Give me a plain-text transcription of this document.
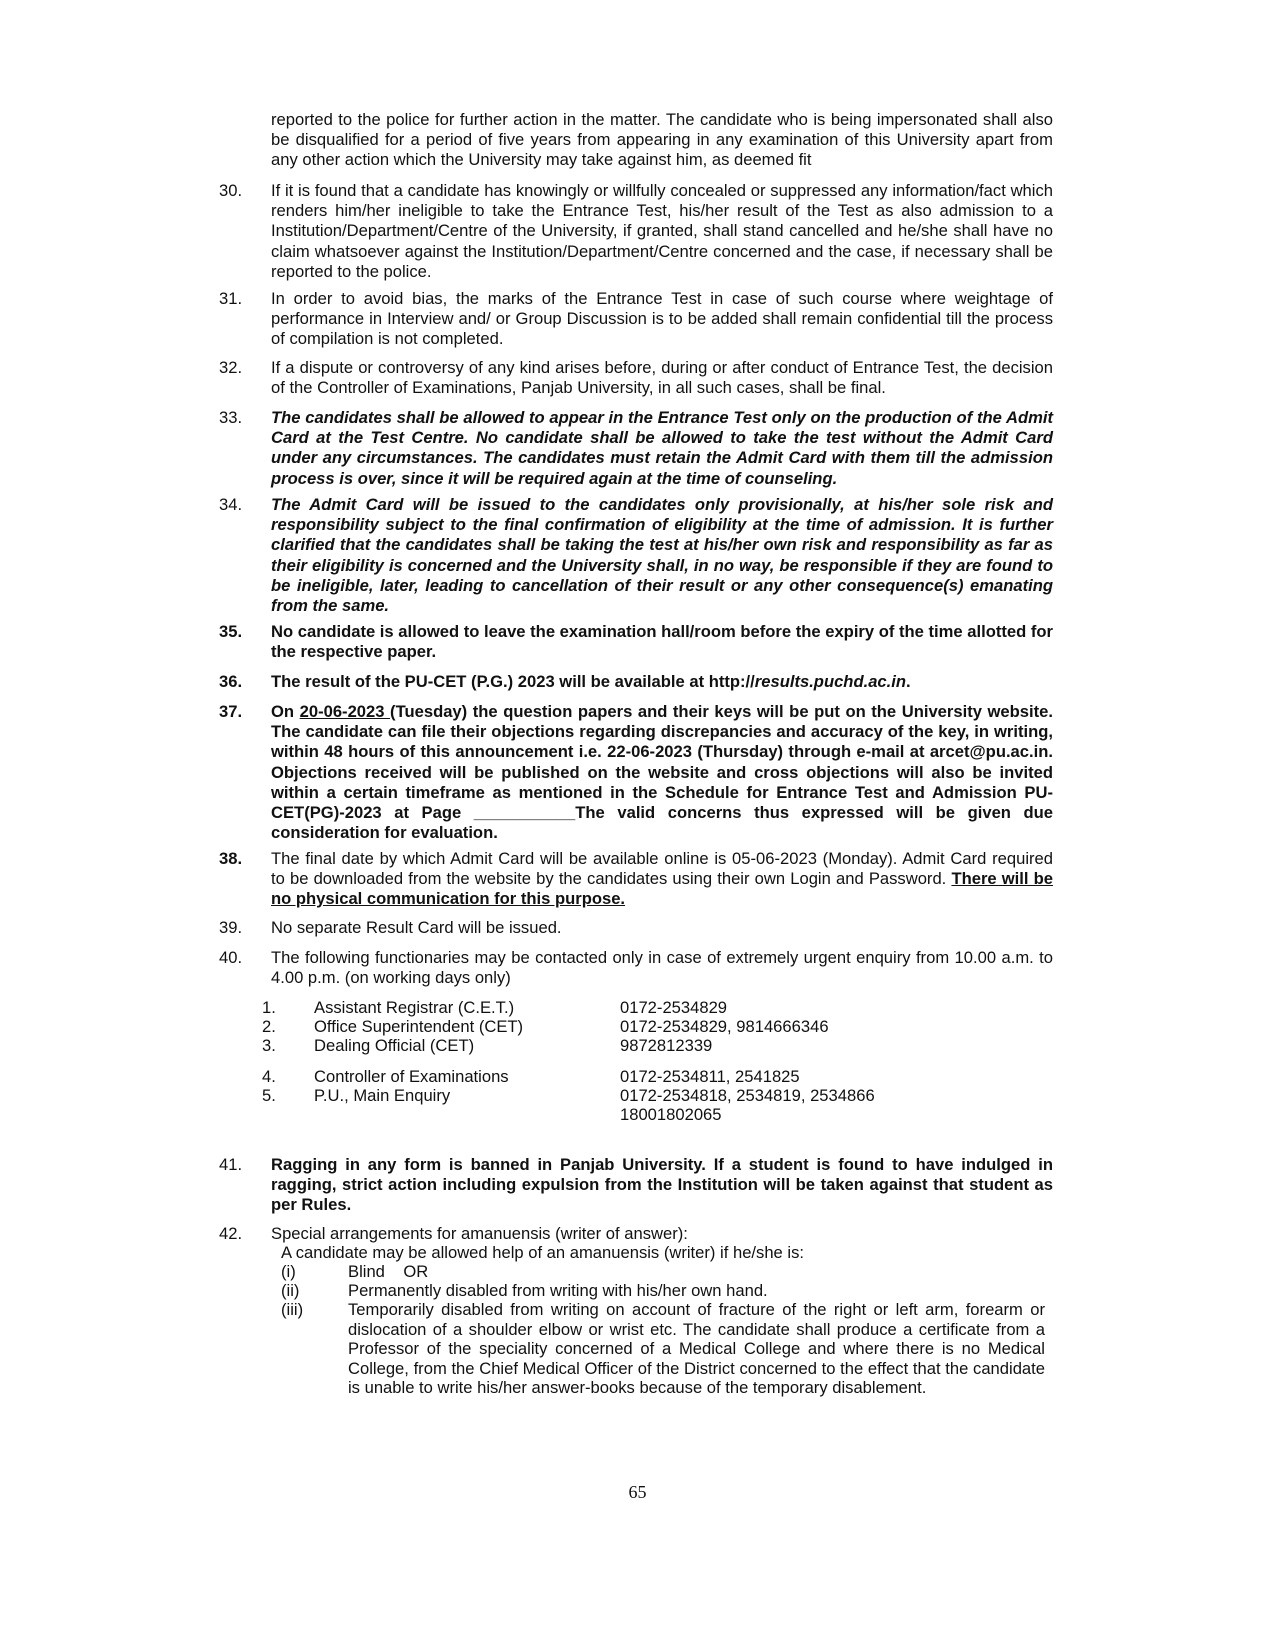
reported to the police for further action in the matter. The candidate who is being impersonated shall also be disqualified for a period of five years from appearing in any examination of this University apart from any other action which the University may take against him, as deemed fit
30.	If it is found that a candidate has knowingly or willfully concealed or suppressed any information/fact which renders him/her ineligible to take the Entrance Test, his/her result of the Test as also admission to a Institution/Department/Centre of the University, if granted, shall stand cancelled and he/she shall have no claim whatsoever against the Institution/Department/Centre concerned and the case, if necessary shall be reported to the police.
31.	In order to avoid bias, the marks of the Entrance Test in case of such course where weightage of performance in Interview and/ or Group Discussion is to be added shall remain confidential till the process of compilation is not completed.
32.	If a dispute or controversy of any kind arises before, during or after conduct of Entrance Test, the decision of the Controller of Examinations, Panjab University, in all such cases, shall be final.
33.	The candidates shall be allowed to appear in the Entrance Test only on the production of the Admit Card at the Test Centre. No candidate shall be allowed to take the test without the Admit Card under any circumstances. The candidates must retain the Admit Card with them till the admission process is over, since it will be required again at the time of counseling.
34.	The Admit Card will be issued to the candidates only provisionally, at his/her sole risk and responsibility subject to the final confirmation of eligibility at the time of admission. It is further clarified that the candidates shall be taking the test at his/her own risk and responsibility as far as their eligibility is concerned and the University shall, in no way, be responsible if they are found to be ineligible, later, leading to cancellation of their result or any other consequence(s) emanating from the same.
35.	No candidate is allowed to leave the examination hall/room before the expiry of the time allotted for the respective paper.
36.	The result of the PU-CET (P.G.) 2023 will be available at http://results.puchd.ac.in.
37.	On 20-06-2023 (Tuesday) the question papers and their keys will be put on the University website. The candidate can file their objections regarding discrepancies and accuracy of the key, in writing, within 48 hours of this announcement i.e. 22-06-2023 (Thursday) through e-mail at arcet@pu.ac.in. Objections received will be published on the website and cross objections will also be invited within a certain timeframe as mentioned in the Schedule for Entrance Test and Admission PU-CET(PG)-2023 at Page ___________The valid concerns thus expressed will be given due consideration for evaluation.
38.	The final date by which Admit Card will be available online is 05-06-2023 (Monday). Admit Card required to be downloaded from the website by the candidates using their own Login and Password. There will be no physical communication for this purpose.
39.	No separate Result Card will be issued.
40.	The following functionaries may be contacted only in case of extremely urgent enquiry from 10.00 a.m. to 4.00 p.m. (on working days only)
1. Assistant Registrar (C.E.T.)	0172-2534829
2. Office Superintendent (CET)	0172-2534829, 9814666346
3. Dealing Official (CET)	9872812339
4. Controller of Examinations	0172-2534811, 2541825
5. P.U., Main Enquiry	0172-2534818, 2534819, 2534866
18001802065
41.	Ragging in any form is banned in Panjab University. If a student is found to have indulged in ragging, strict action including expulsion from the Institution will be taken against that student as per Rules.
42.	Special arrangements for amanuensis (writer of answer):
A candidate may be allowed help of an amanuensis (writer) if he/she is:
(i)	Blind    OR
(ii)	Permanently disabled from writing with his/her own hand.
(iii)	Temporarily disabled from writing on account of fracture of the right or left arm, forearm or dislocation of a shoulder elbow or wrist etc. The candidate shall produce a certificate from a Professor of the speciality concerned of a Medical College and where there is no Medical College, from the Chief Medical Officer of the District concerned to the effect that the candidate is unable to write his/her answer-books because of the temporary disablement.
65
